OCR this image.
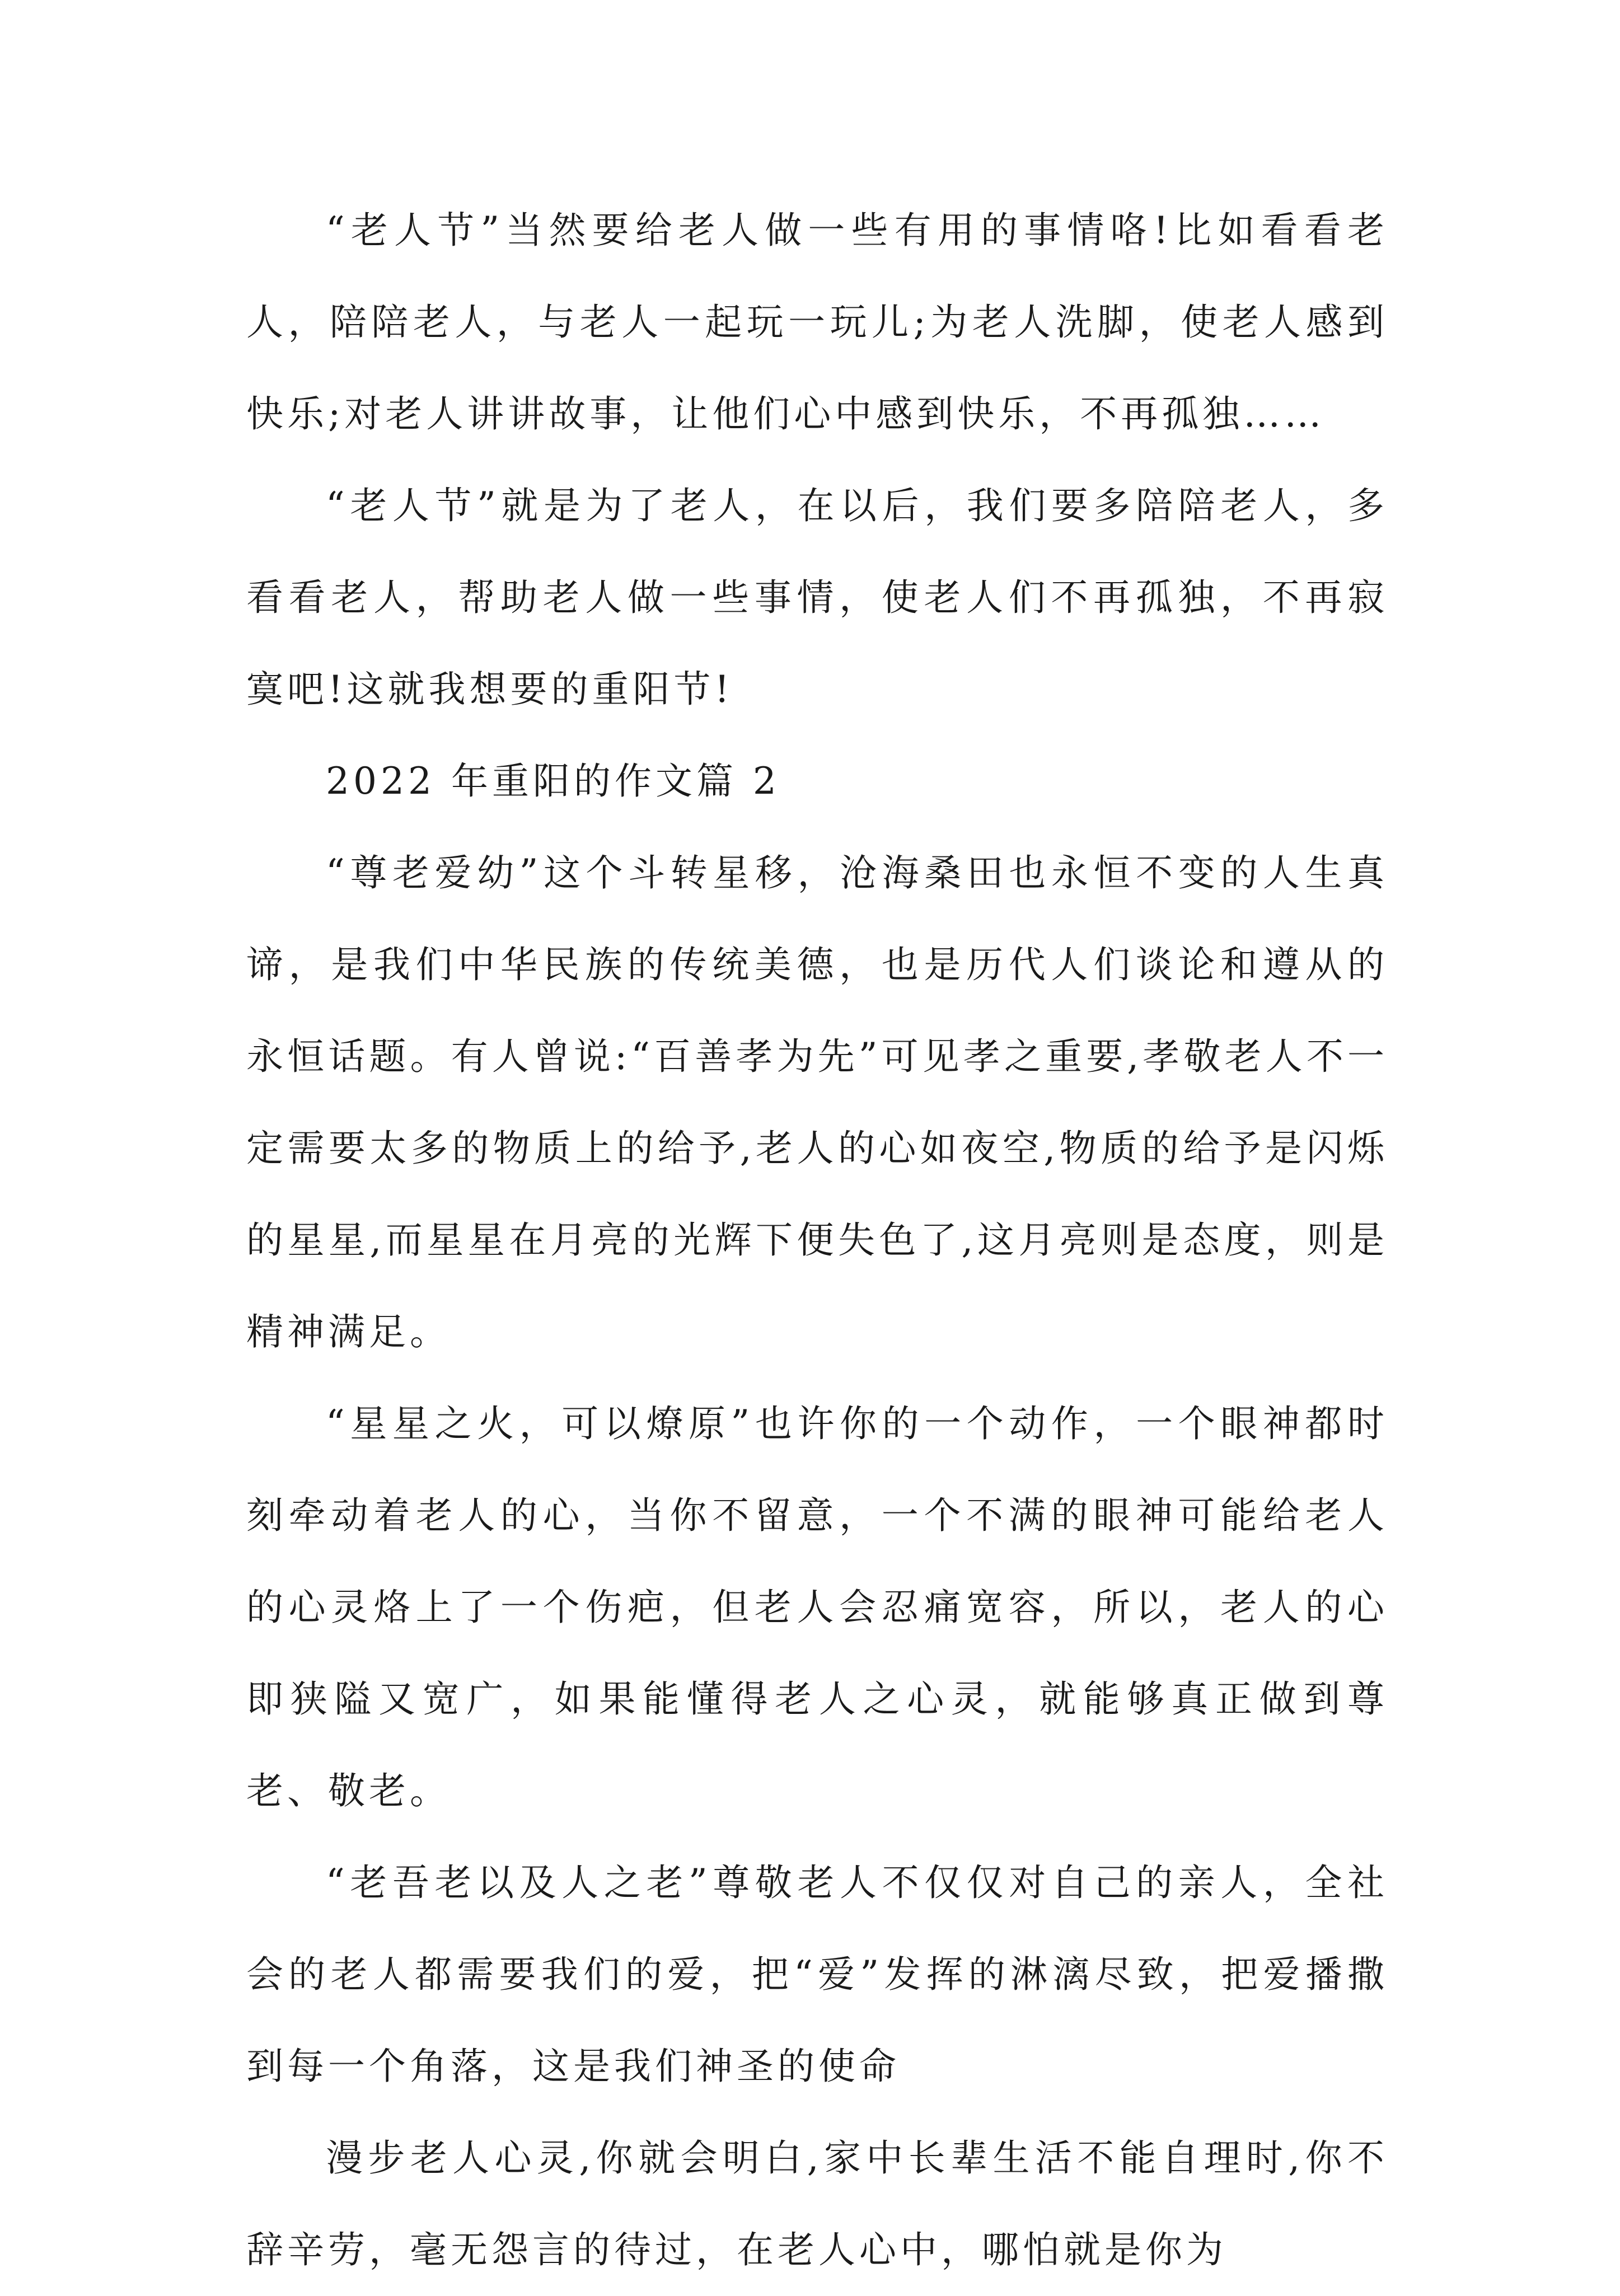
“老人节”当然要给老人做一些有用的事情咯!比如看看老人，陪陪老人，与老人一起玩一玩儿;为老人洗脚，使老人感到快乐;对老人讲讲故事，让他们心中感到快乐，不再孤独……

“老人节”就是为了老人，在以后，我们要多陪陪老人，多看看老人，帮助老人做一些事情，使老人们不再孤独，不再寂寞吧!这就我想要的重阳节!

2022 年重阳的作文篇 2

“尊老爱幼”这个斗转星移，沧海桑田也永恒不变的人生真谛，是我们中华民族的传统美德，也是历代人们谈论和遵从的永恒话题。有人曾说:“百善孝为先”可见孝之重要,孝敬老人不一定需要太多的物质上的给予,老人的心如夜空,物质的给予是闪烁的星星,而星星在月亮的光辉下便失色了,这月亮则是态度，则是精神满足。

“星星之火，可以燎原”也许你的一个动作，一个眼神都时刻牵动着老人的心，当你不留意，一个不满的眼神可能给老人的心灵烙上了一个伤疤，但老人会忍痛宽容，所以，老人的心即狭隘又宽广，如果能懂得老人之心灵，就能够真正做到尊老、敬老。

“老吾老以及人之老”尊敬老人不仅仅对自己的亲人，全社会的老人都需要我们的爱，把“爱”发挥的淋漓尽致，把爱播撒到每一个角落，这是我们神圣的使命

漫步老人心灵,你就会明白,家中长辈生活不能自理时,你不辞辛劳，毫无怨言的待过，在老人心中，哪怕就是你为
